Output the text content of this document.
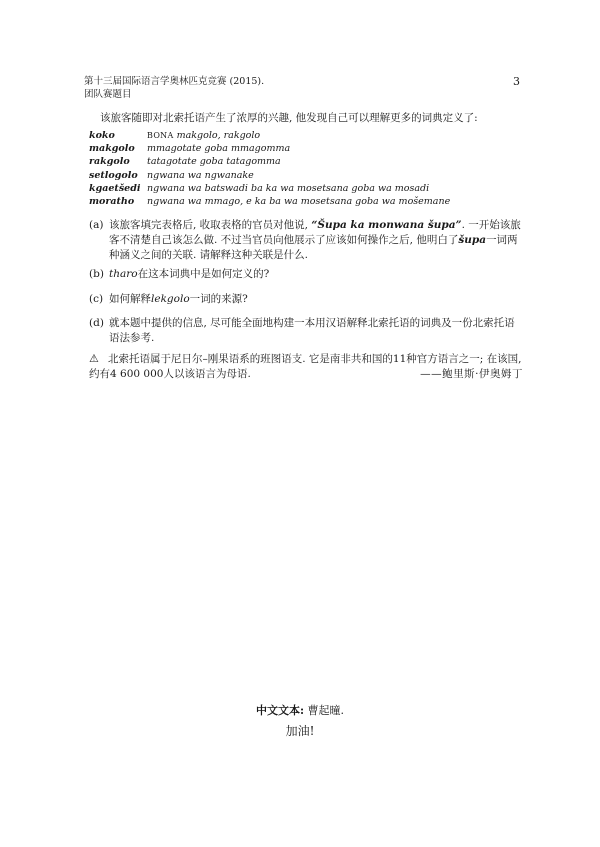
第十三届国际语言学奥林匹克竞赛 (2015).
团队赛题目
3
该旅客随即对北索托语产生了浓厚的兴趣, 他发现自己可以理解更多的词典定义了:
koko	BONA makgolo, rakgolo
makgolo	mmagotate goba mmagomma
rakgolo	tatagotate goba tatagomma
setlogolo	ngwana wa ngwanake
kgaetšedi	ngwana wa batswadi ba ka wa mosetsana goba wa mosadi
moratho	ngwana wa mmago, e ka ba wa mosetsana goba wa mošemane
(a) 该旅客填完表格后, 收取表格的官员对他说, “Šupa ka monwana šupa”. 一开始该旅客不清楚自己该怎么做. 不过当官员向他展示了应该如何操作之后, 他明白了šupa一词两种涵义之间的关联. 请解释这种关联是什么.
(b) tharo在这本词典中是如何定义的?
(c) 如何解释lekgolo一词的来源?
(d) 就本题中提供的信息, 尽可能全面地构建一本用汉语解释北索托语的词典及一份北索托语语法参考.
⚠ 北索托语属于尼日尔–刚果语系的班图语支. 它是南非共和国的11种官方语言之一; 在该国, 约有4 600 000人以该语言为母语.	——鲍里斯·伊奥姆丁
中文文本: 曹起曈.
加油!
